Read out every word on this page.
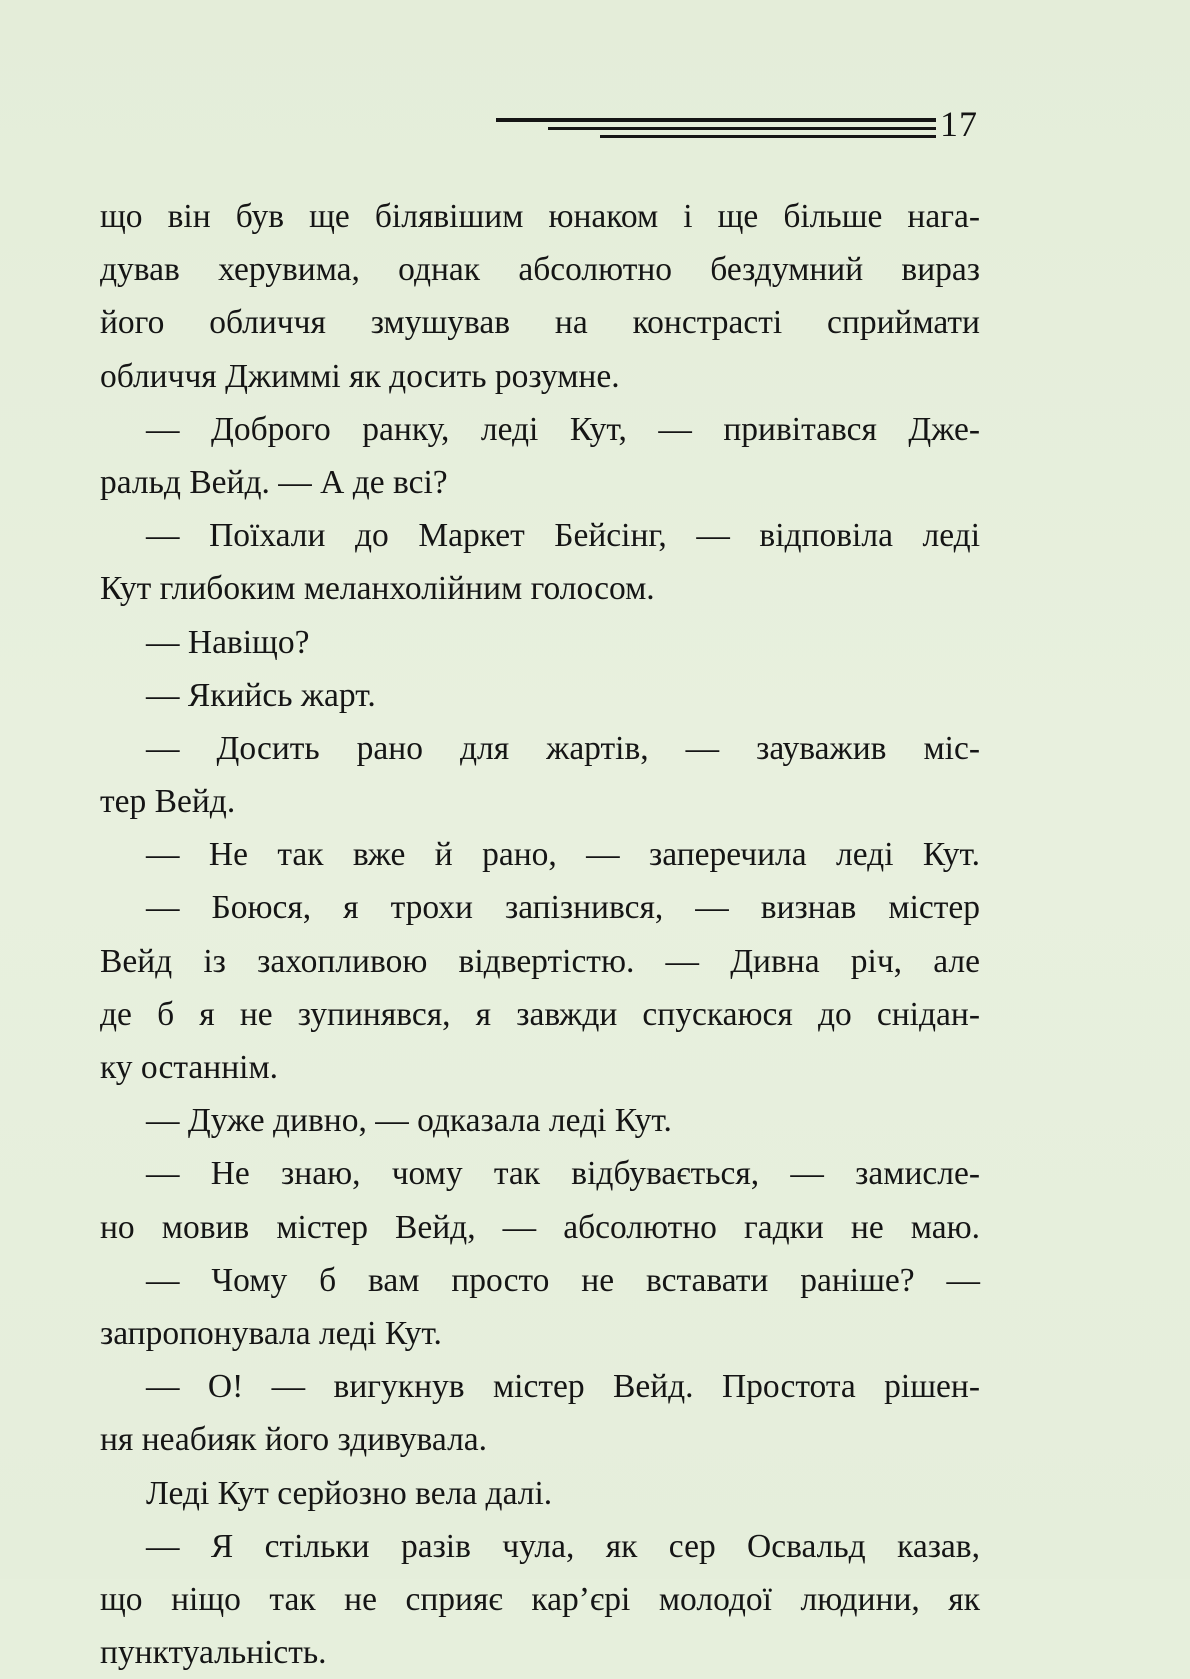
17
що він був ще білявішим юнаком і ще більше нага-
дував херувима, однак абсолютно бездумний вираз
його обличчя змушував на констрасті сприймати
обличчя Джиммі як досить розумне.
— Доброго ранку, леді Кут, — привітався Дже-
ральд Вейд. — А де всі?
— Поїхали до Маркет Бейсінг, — відповіла леді
Кут глибоким меланхолійним голосом.
— Навіщо?
— Якийсь жарт.
— Досить рано для жартів, — зауважив міс-
тер Вейд.
— Не так вже й рано, — заперечила леді Кут.
— Боюся, я трохи запізнився, — визнав містер
Вейд із захопливою відвертістю. — Дивна річ, але
де б я не зупинявся, я завжди спускаюся до снідан-
ку останнім.
— Дуже дивно, — одказала леді Кут.
— Не знаю, чому так відбувається, — замисле-
но мовив містер Вейд, — абсолютно гадки не маю.
— Чому б вам просто не вставати раніше? —
запропонувала леді Кут.
— О! — вигукнув містер Вейд. Простота рішен-
ня неабияк його здивувала.
Леді Кут серйозно вела далі.
— Я стільки разів чула, як сер Освальд казав,
що ніщо так не сприяє кар’єрі молодої людини, як
пунктуальність.
